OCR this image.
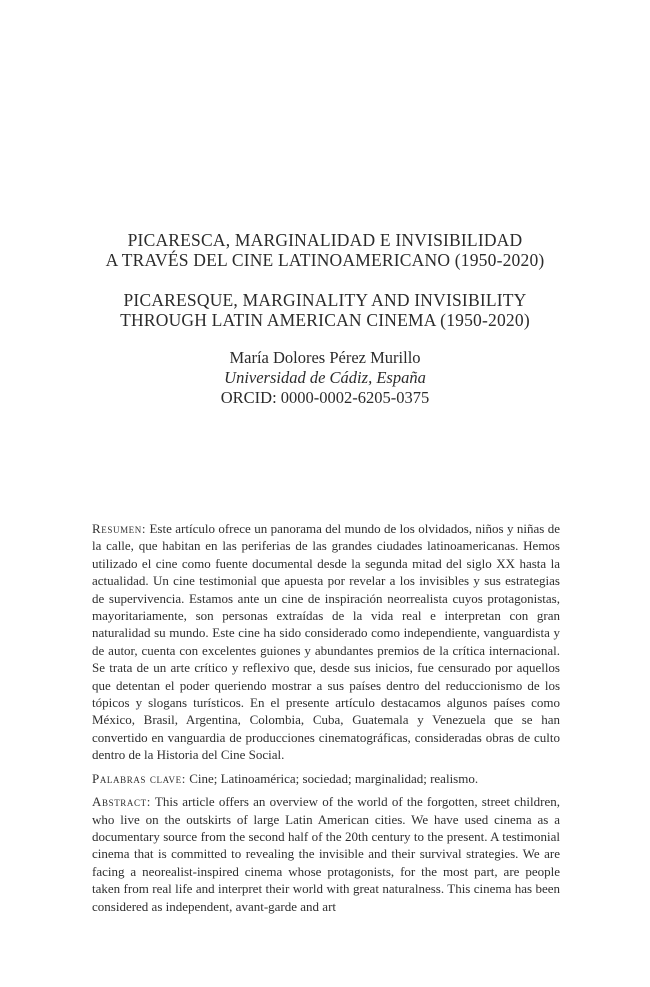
PICARESCA, MARGINALIDAD E INVISIBILIDAD
A TRAVÉS DEL CINE LATINOAMERICANO (1950-2020)
PICARESQUE, MARGINALITY AND INVISIBILITY
THROUGH LATIN AMERICAN CINEMA (1950-2020)
María Dolores Pérez Murillo
Universidad de Cádiz, España
ORCID: 0000-0002-6205-0375

Resumen: Este artículo ofrece un panorama del mundo de los olvidados, niños y niñas de la calle, que habitan en las periferias de las grandes ciudades latinoamericanas. Hemos utilizado el cine como fuente documental desde la segunda mitad del siglo XX hasta la actualidad. Un cine testimonial que apuesta por revelar a los invisibles y sus estrategias de supervivencia. Estamos ante un cine de inspiración neorrealista cuyos protagonistas, mayoritariamente, son personas extraídas de la vida real e interpretan con gran naturalidad su mundo. Este cine ha sido considerado como independiente, vanguardista y de autor, cuenta con excelentes guiones y abundantes premios de la crítica internacional. Se trata de un arte crítico y reflexivo que, desde sus inicios, fue censurado por aquellos que detentan el poder queriendo mostrar a sus países dentro del reduccionismo de los tópicos y slogans turísticos. En el presente artículo destacamos algunos países como México, Brasil, Argentina, Colombia, Cuba, Guatemala y Venezuela que se han convertido en vanguardia de producciones cinematográficas, consideradas obras de culto dentro de la Historia del Cine Social.

Palabras clave: Cine; Latinoamérica; sociedad; marginalidad; realismo.

Abstract: This article offers an overview of the world of the forgotten, street children, who live on the outskirts of large Latin American cities. We have used cinema as a documentary source from the second half of the 20th century to the present. A testimonial cinema that is committed to revealing the invisible and their survival strategies. We are facing a neorealist-inspired cinema whose protagonists, for the most part, are people taken from real life and interpret their world with great naturalness. This cinema has been considered as independent, avant-garde and art
